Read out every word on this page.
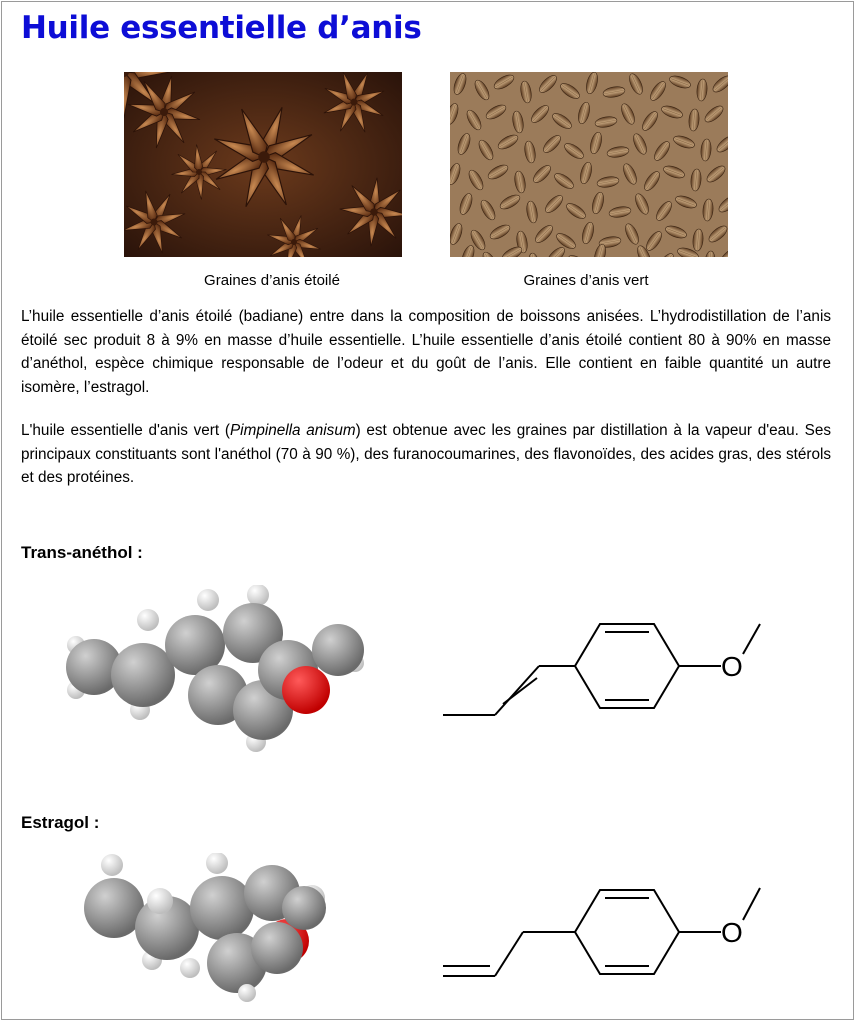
Huile essentielle d’anis
Graines d’anis étoilé	Graines d’anis vert

L’huile essentielle d’anis étoilé (badiane) entre dans la composition de boissons anisées. L’hydrodistillation de l’anis étoilé sec produit 8 à 9% en masse d’huile essentielle. L’huile essentielle d’anis étoilé contient 80 à 90% en masse d’anéthol, espèce chimique responsable de l’odeur et du goût de l’anis. Elle contient en faible quantité un autre isomère, l’estragol.

L'huile essentielle d'anis vert (Pimpinella anisum) est obtenue avec les graines par distillation à la vapeur d'eau. Ses principaux constituants sont l'anéthol (70 à 90 %), des furanocoumarines, des flavonoïdes, des acides gras, des stérols et des protéines.

Trans-anéthol :
O
Estragol :
O
